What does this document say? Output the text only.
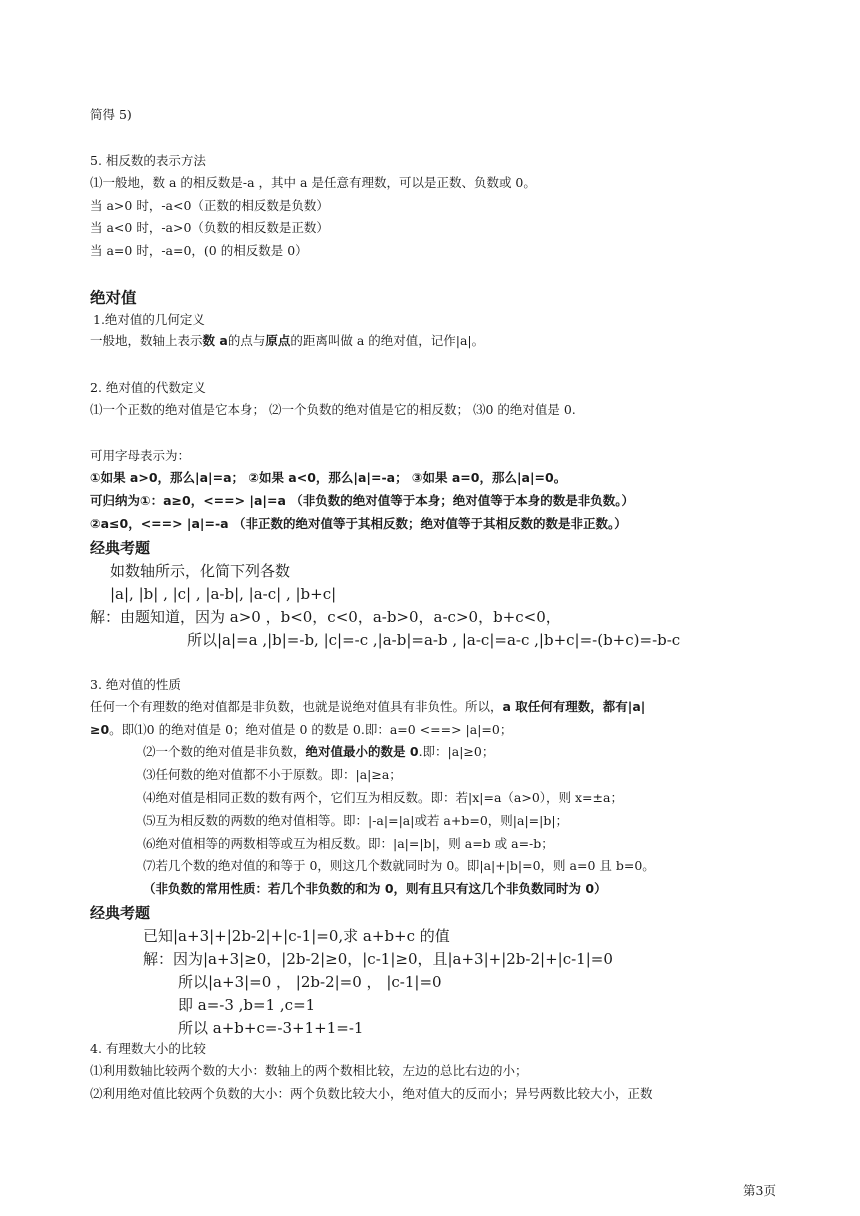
简得 5)
5. 相反数的表示方法
⑴一般地，数 a 的相反数是-a ，其中 a 是任意有理数，可以是正数、负数或 0。
当 a>0 时，-a<0（正数的相反数是负数）
当 a<0 时，-a>0（负数的相反数是正数）
当 a=0 时，-a=0，(0 的相反数是 0）
绝对值
1.绝对值的几何定义
一般地，数轴上表示数 a的点与原点的距离叫做 a 的绝对值，记作|a|。
2. 绝对值的代数定义
⑴一个正数的绝对值是它本身； ⑵一个负数的绝对值是它的相反数； ⑶0 的绝对值是 0.
可用字母表示为：
①如果 a>0，那么|a|=a； ②如果 a<0，那么|a|=-a； ③如果 a=0，那么|a|=0。
可归纳为①：a≥0，<==> |a|=a （非负数的绝对值等于本身；绝对值等于本身的数是非负数。）
②a≤0，<==> |a|=-a （非正数的绝对值等于其相反数；绝对值等于其相反数的数是非正数。）
经典考题
如数轴所示，化简下列各数
|a|, |b| , |c| , |a-b|, |a-c| , |b+c|
解：由题知道，因为 a>0 ，b<0，c<0，a-b>0，a-c>0，b+c<0，
所以|a|=a ,|b|=-b, |c|=-c ,|a-b|=a-b , |a-c|=a-c ,|b+c|=-(b+c)=-b-c
3. 绝对值的性质
任何一个有理数的绝对值都是非负数，也就是说绝对值具有非负性。所以，a 取任何有理数，都有|a|
≥0。即⑴0 的绝对值是 0；绝对值是 0 的数是 0.即：a=0 <==> |a|=0；
⑵一个数的绝对值是非负数，绝对值最小的数是 0.即：|a|≥0；
⑶任何数的绝对值都不小于原数。即：|a|≥a；
⑷绝对值是相同正数的数有两个，它们互为相反数。即：若|x|=a（a>0），则 x=±a；
⑸互为相反数的两数的绝对值相等。即：|-a|=|a|或若 a+b=0，则|a|=|b|；
⑹绝对值相等的两数相等或互为相反数。即：|a|=|b|，则 a=b 或 a=-b；
⑺若几个数的绝对值的和等于 0，则这几个数就同时为 0。即|a|+|b|=0，则 a=0 且 b=0。
（非负数的常用性质：若几个非负数的和为 0，则有且只有这几个非负数同时为 0）
经典考题
已知|a+3|+|2b-2|+|c-1|=0,求 a+b+c 的值
解：因为|a+3|≥0，|2b-2|≥0，|c-1|≥0，且|a+3|+|2b-2|+|c-1|=0
所以|a+3|=0 ， |2b-2|=0 ， |c-1|=0
即 a=-3 ,b=1 ,c=1
所以 a+b+c=-3+1+1=-1
4. 有理数大小的比较
⑴利用数轴比较两个数的大小：数轴上的两个数相比较，左边的总比右边的小；
⑵利用绝对值比较两个负数的大小：两个负数比较大小，绝对值大的反而小；异号两数比较大小，正数
第3页
